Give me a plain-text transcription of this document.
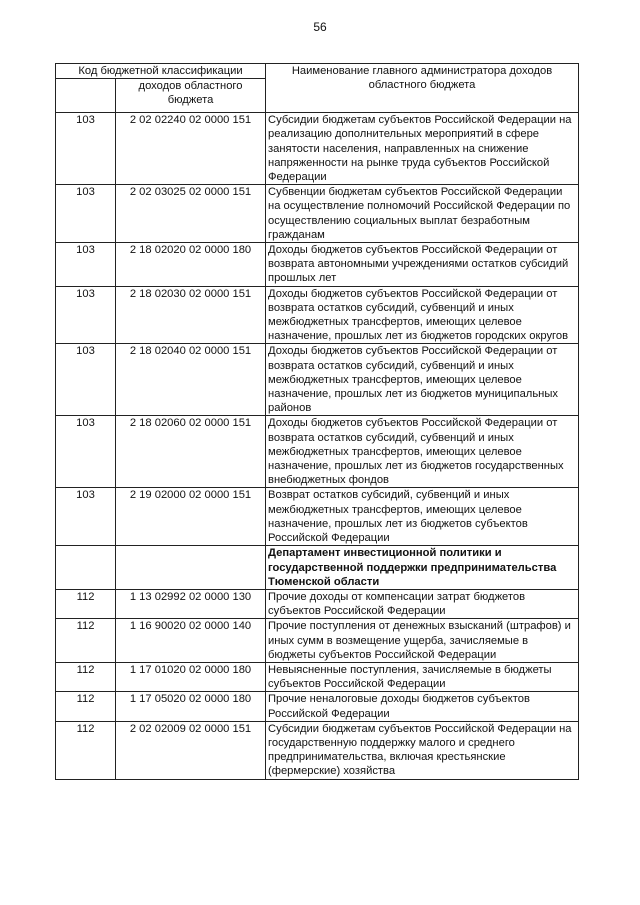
56
Код бюджетной классификации		Наименование главного администратора доходов областного бюджета
	доходов областного бюджета	
103	2 02 02240 02 0000 151	Субсидии бюджетам субъектов Российской Федерации на реализацию дополнительных мероприятий в сфере занятости населения, направленных на снижение напряженности на рынке труда субъектов Российской Федерации
103	2 02 03025 02 0000 151	Субвенции бюджетам субъектов Российской Федерации на осуществление полномочий Российской Федерации по осуществлению социальных выплат безработным гражданам
103	2 18 02020 02 0000 180	Доходы бюджетов субъектов Российской Федерации от возврата автономными учреждениями остатков субсидий прошлых лет
103	2 18 02030 02 0000 151	Доходы бюджетов субъектов Российской Федерации от возврата остатков субсидий, субвенций и иных межбюджетных трансфертов, имеющих целевое назначение, прошлых лет из бюджетов городских округов
103	2 18 02040 02 0000 151	Доходы бюджетов субъектов Российской Федерации от возврата остатков субсидий, субвенций и иных межбюджетных трансфертов, имеющих целевое назначение, прошлых лет из бюджетов муниципальных районов
103	2 18 02060 02 0000 151	Доходы бюджетов субъектов Российской Федерации от возврата остатков субсидий, субвенций и иных межбюджетных трансфертов, имеющих целевое назначение, прошлых лет из бюджетов государственных внебюджетных фондов
103	2 19 02000 02 0000 151	Возврат остатков субсидий, субвенций и иных межбюджетных трансфертов, имеющих целевое назначение, прошлых лет из бюджетов субъектов Российской Федерации
		Департамент инвестиционной политики и государственной поддержки предпринимательства Тюменской области
112	1 13 02992 02 0000 130	Прочие доходы от компенсации затрат бюджетов субъектов Российской Федерации
112	1 16 90020 02 0000 140	Прочие поступления от денежных взысканий (штрафов) и иных сумм в возмещение ущерба, зачисляемые в бюджеты субъектов Российской Федерации
112	1 17 01020 02 0000 180	Невыясненные поступления, зачисляемые в бюджеты субъектов Российской Федерации
112	1 17 05020 02 0000 180	Прочие неналоговые доходы бюджетов субъектов Российской Федерации
112	2 02 02009 02 0000 151	Субсидии бюджетам субъектов Российской Федерации на государственную поддержку малого и среднего предпринимательства, включая крестьянские (фермерские) хозяйства
